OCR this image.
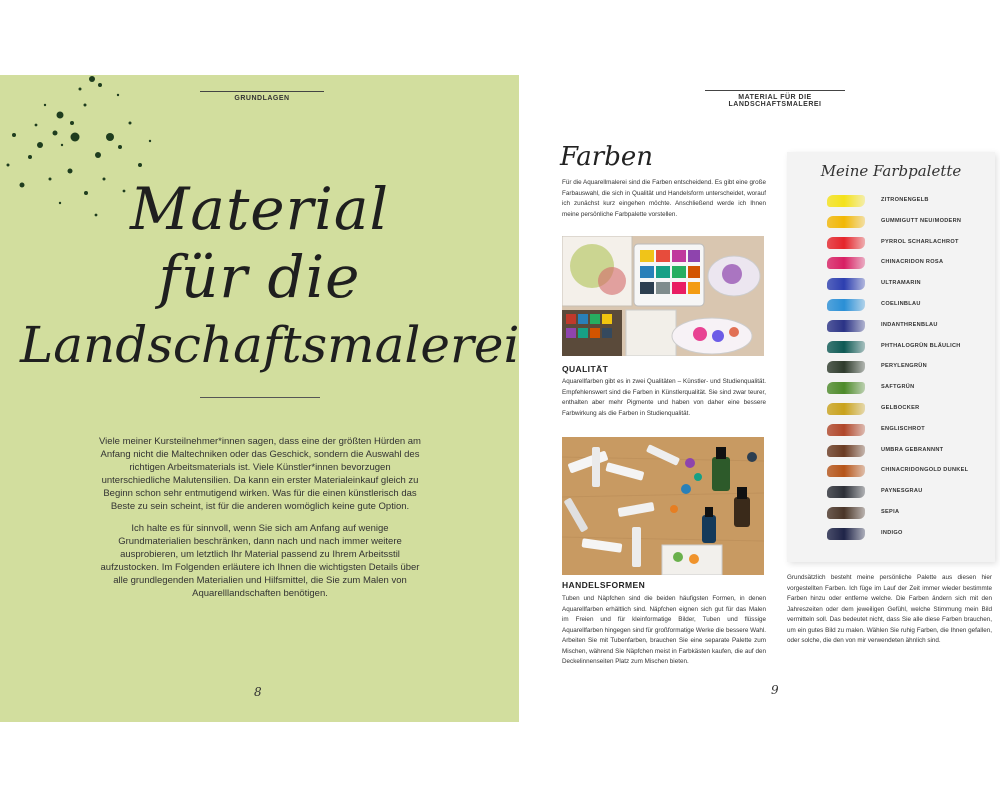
GRUNDLAGEN
Material
für die
Landschaftsmalerei

Viele meiner Kursteilnehmer*innen sagen, dass eine der größten Hürden am Anfang nicht die Maltechniken oder das Geschick, sondern die Auswahl des richtigen Arbeitsmaterials ist. Viele Künstler*innen bevorzugen unterschiedliche Malutensilien. Da kann ein erster Materialeinkauf gleich zu Beginn schon sehr entmutigend wirken. Was für die einen künstlerisch das Beste zu sein scheint, ist für die anderen womöglich keine gute Option.

Ich halte es für sinnvoll, wenn Sie sich am Anfang auf wenige Grundmaterialien beschränken, dann nach und nach immer weitere ausprobieren, um letztlich Ihr Material passend zu Ihrem Arbeitsstil aufzustocken. Im Folgenden erläutere ich Ihnen die wichtigsten Details über alle grundlegenden Materialien und Hilfsmittel, die Sie zum Malen von Aquarelllandschaften benötigen.

8
MATERIAL FÜR DIE LANDSCHAFTSMALEREI
Farben
Für die Aquarellmalerei sind die Farben entscheidend. Es gibt eine große Farbauswahl, die sich in Qualität und Handelsform unterscheidet, worauf ich zunächst kurz eingehen möchte. Anschließend werde ich Ihnen meine persönliche Farbpalette vorstellen.
QUALITÄT
Aquarellfarben gibt es in zwei Qualitäten – Künstler- und Studienqualität. Empfehlenswert sind die Farben in Künstlerqualität. Sie sind zwar teurer, enthalten aber mehr Pigmente und haben von daher eine bessere Farbwirkung als die Farben in Studienqualität.
HANDELSFORMEN
Tuben und Näpfchen sind die beiden häufigsten Formen, in denen Aquarellfarben erhältlich sind. Näpfchen eignen sich gut für das Malen im Freien und für kleinformatige Bilder, Tuben und flüssige Aquarellfarben hingegen sind für großformatige Werke die bessere Wahl. Arbeiten Sie mit Tubenfarben, brauchen Sie eine separate Palette zum Mischen, während Sie Näpfchen meist in Farbkästen kaufen, die auf den Deckelinnenseiten Platz zum Mischen bieten.
Meine Farbpalette
ZITRONENGELB
GUMMIGUTT NEU/MODERN
PYRROL SCHARLACHROT
CHINACRIDON ROSA
ULTRAMARIN
COELINBLAU
INDANTHRENBLAU
PHTHALOGRÜN BLÄULICH
PERYLENGRÜN
SAFTGRÜN
GELBOCKER
ENGLISCHROT
UMBRA GEBRANNNT
CHINACRIDONGOLD DUNKEL
PAYNESGRAU
SEPIA
INDIGO
Grundsätzlich besteht meine persönliche Palette aus diesen hier vorgestellten Farben. Ich füge im Lauf der Zeit immer wieder bestimmte Farben hinzu oder entferne welche. Die Farben ändern sich mit den Jahreszeiten oder dem jeweiligen Gefühl, welche Stimmung mein Bild vermitteln soll. Das bedeutet nicht, dass Sie alle diese Farben brauchen, um ein gutes Bild zu malen. Wählen Sie ruhig Farben, die Ihnen gefallen, oder solche, die den von mir verwendeten ähnlich sind.
9
